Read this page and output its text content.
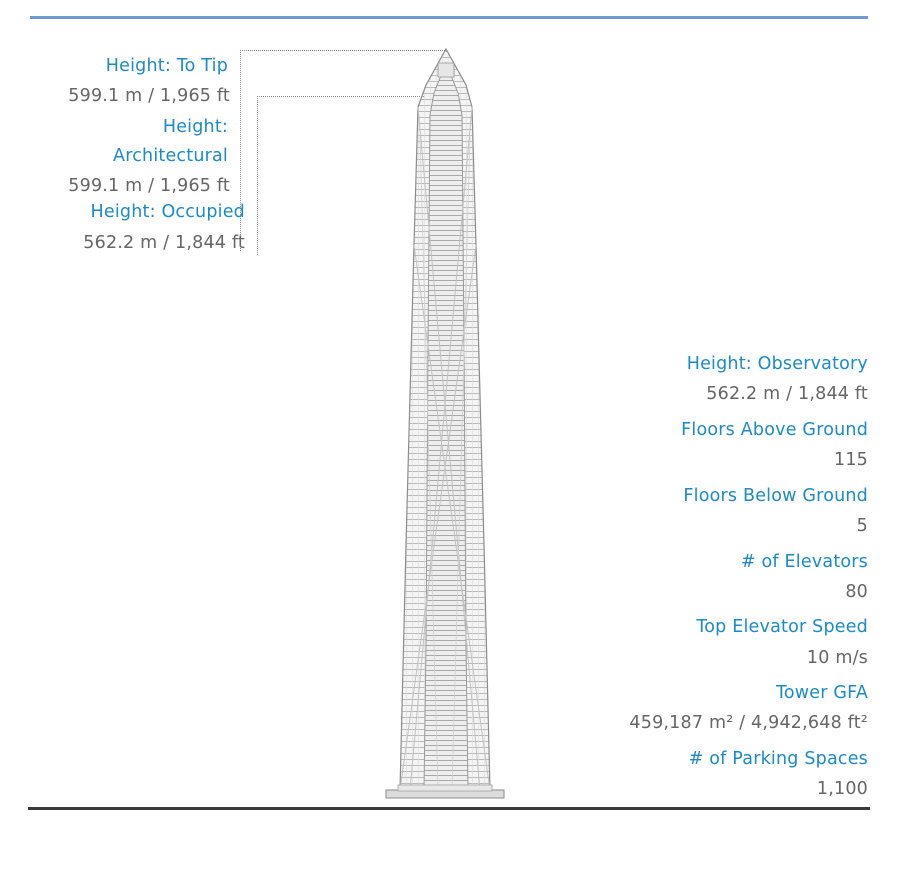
Height: To Tip
599.1 m / 1,965 ft
Height:
Architectural
599.1 m / 1,965 ft
Height: Occupied
562.2 m / 1,844 ft
Height: Observatory
562.2 m / 1,844 ft
Floors Above Ground
115
Floors Below Ground
5
# of Elevators
80
Top Elevator Speed
10 m/s
Tower GFA
459,187 m² / 4,942,648 ft²
# of Parking Spaces
1,100
